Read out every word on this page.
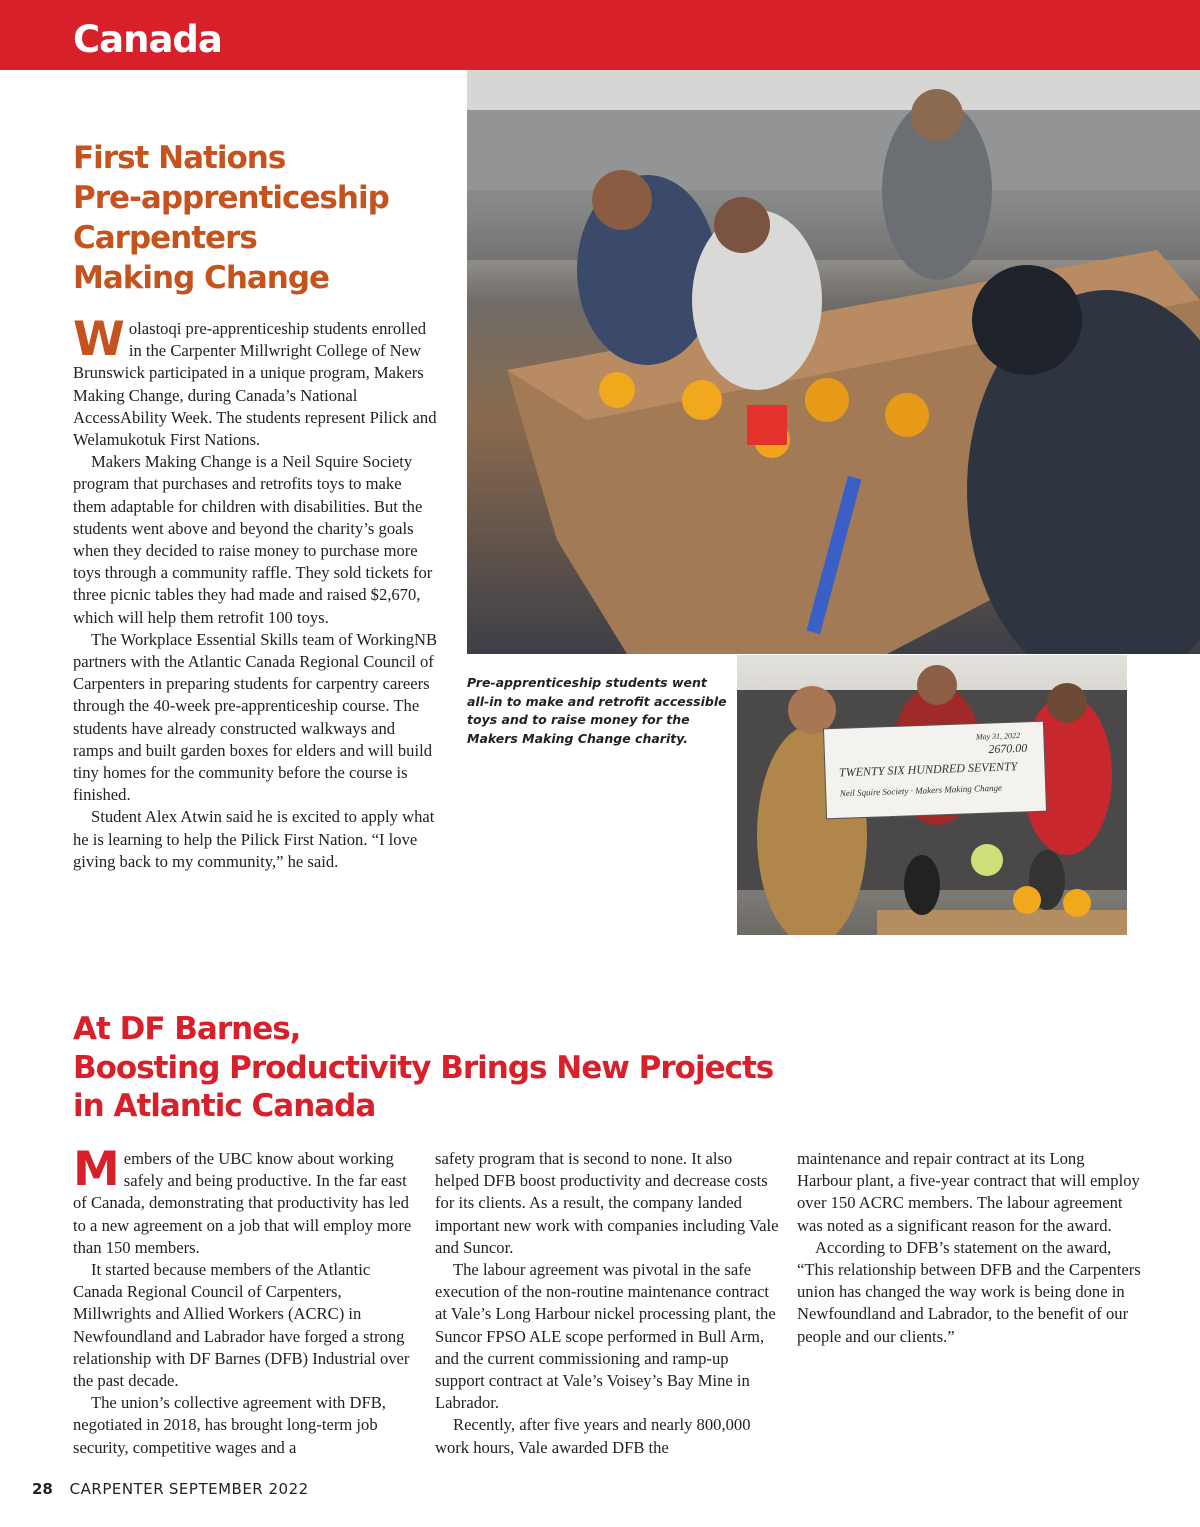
Canada
First Nations
Pre-apprenticeship
Carpenters
Making Change

Wolastoqi pre-apprenticeship students enrolled in the Carpenter Millwright College of New Brunswick participated in a unique program, Makers Making Change, during Canada’s National AccessAbility Week. The students represent Pilick and Welamukotuk First Nations.

Makers Making Change is a Neil Squire Society program that purchases and retrofits toys to make them adaptable for children with disabilities. But the students went above and beyond the charity’s goals when they decided to raise money to purchase more toys through a community raffle. They sold tickets for three picnic tables they had made and raised $2,670, which will help them retrofit 100 toys.

The Workplace Essential Skills team of WorkingNB partners with the Atlantic Canada Regional Council of Carpenters in preparing students for carpentry careers through the 40-week pre-apprenticeship course. The students have already constructed walkways and ramps and built garden boxes for elders and will build tiny homes for the community before the course is finished.

Student Alex Atwin said he is excited to apply what he is learning to help the Pilick First Nation. “I love giving back to my community,” he said.

Pre-apprenticeship students went all-in to make and retrofit accessible toys and to raise money for the Makers Making Change charity.

TWENTY SIX HUNDRED SEVENTY
2670.00
Neil Squire Society · Makers Making Change
May 31, 2022
At DF Barnes,
Boosting Productivity Brings New Projects
in Atlantic Canada

Members of the UBC know about working safely and being productive. In the far east of Canada, demonstrating that productivity has led to a new agreement on a job that will employ more than 150 members.

It started because members of the Atlantic Canada Regional Council of Carpenters, Millwrights and Allied Workers (ACRC) in Newfoundland and Labrador have forged a strong relationship with DF Barnes (DFB) Industrial over the past decade.

The union’s collective agreement with DFB, negotiated in 2018, has brought long-term job security, competitive wages and a

safety program that is second to none. It also helped DFB boost productivity and decrease costs for its clients. As a result, the company landed important new work with companies including Vale and Suncor.

The labour agreement was pivotal in the safe execution of the non-routine maintenance contract at Vale’s Long Harbour nickel processing plant, the Suncor FPSO ALE scope performed in Bull Arm, and the current commissioning and ramp-up support contract at Vale’s Voisey’s Bay Mine in Labrador.

Recently, after five years and nearly 800,000 work hours, Vale awarded DFB the

maintenance and repair contract at its Long Harbour plant, a five-year contract that will employ over 150 ACRC members. The labour agreement was noted as a significant reason for the award.

According to DFB’s statement on the award, “This relationship between DFB and the Carpenters union has changed the way work is being done in Newfoundland and Labrador, to the benefit of our people and our clients.”

28 CARPENTER SEPTEMBER 2022
